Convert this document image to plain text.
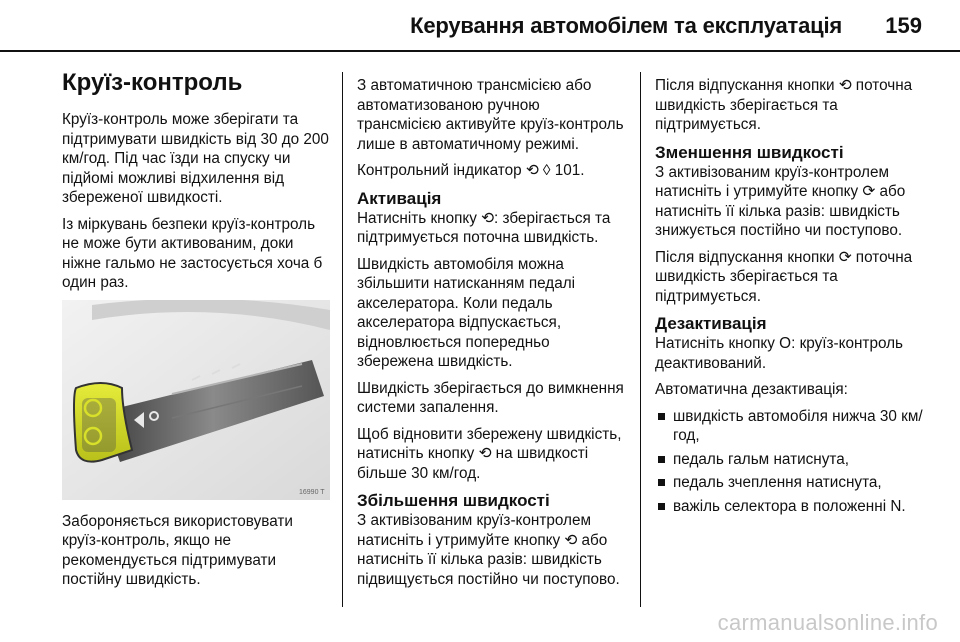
Керування автомобілем та експлуатація 159
Круїз-контроль

Круїз-контроль може зберігати та підтримувати швидкість від 30 до 200 км/год. Під час їзди на спуску чи підйомі можливі відхилення від збереженої швидкості.

Із міркувань безпеки круїз-контроль не може бути активованим, доки ніжне гальмо не застосується хоча б один раз.

16990 T

Забороняється використовувати круїз-контроль, якщо не рекомендується підтримувати постійну швидкість.

З автоматичною трансмісією або автоматизованою ручною трансмісією активуйте круїз-контроль лише в автоматичному режимі.

Контрольний індикатор ⟲ ◊ 101.

Активація

Натисніть кнопку ⟲: зберігається та підтримується поточна швидкість.

Швидкість автомобіля можна збільшити натисканням педалі акселератора. Коли педаль акселератора відпускається, відновлюється попередньо збережена швидкість.

Швидкість зберігається до вимкнення системи запалення.

Щоб відновити збережену швидкість, натисніть кнопку ⟲ на швидкості більше 30 км/год.

Збільшення швидкості

З активізованим круїз-контролем натисніть і утримуйте кнопку ⟲ або натисніть її кілька разів: швидкість підвищується постійно чи поступово.

Після відпускання кнопки ⟲ поточна швидкість зберігається та підтримується.

Зменшення швидкості

З активізованим круїз-контролем натисніть і утримуйте кнопку ⟳ або натисніть її кілька разів: швидкість знижується постійно чи поступово.

Після відпускання кнопки ⟳ поточна швидкість зберігається та підтримується.

Дезактивація

Натисніть кнопку O: круїз-контроль деактивований.

Автоматична дезактивація:

швидкість автомобіля нижча 30 км/год,
педаль гальм натиснута,
педаль зчеплення натиснута,
важіль селектора в положенні N.
carmanualsonline.info
